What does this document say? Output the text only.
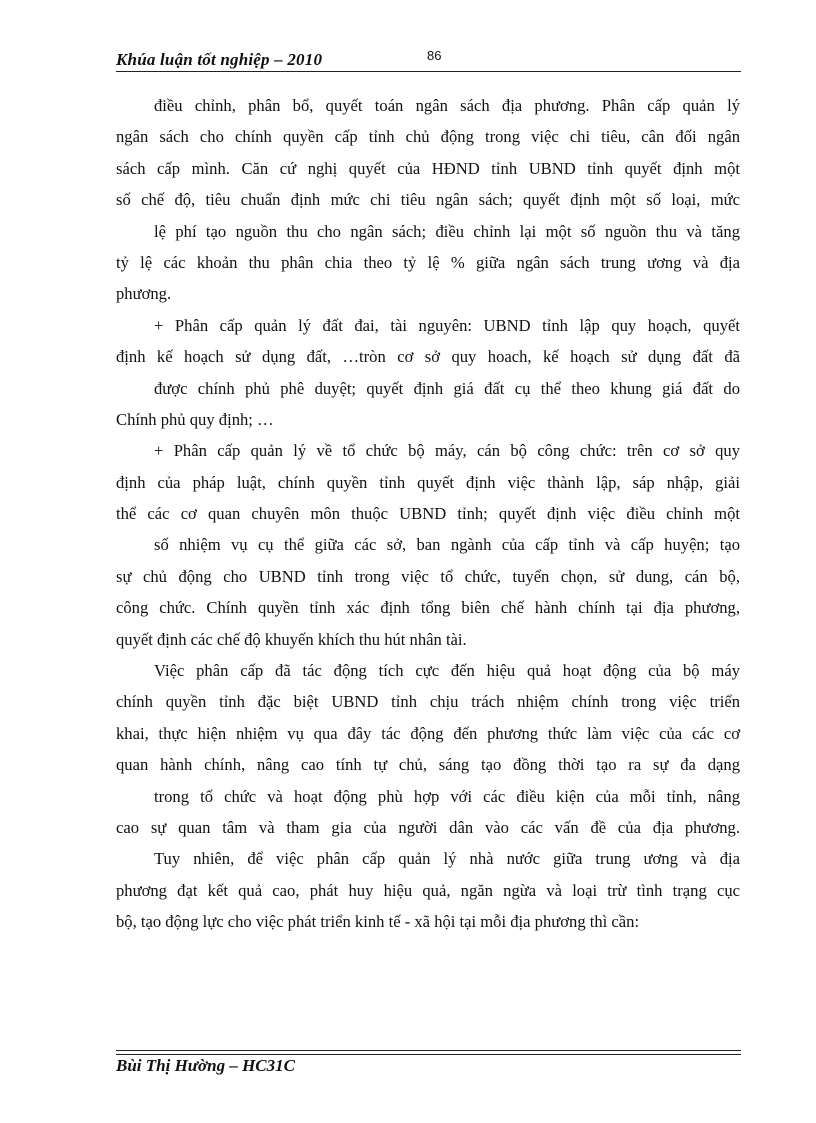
Khúa luận tốt nghiệp – 2010	86
điều chỉnh, phân bổ, quyết toán ngân sách địa phương. Phân cấp quản lý
ngân sách cho chính quyền cấp tỉnh chủ động trong việc chi tiêu, cân đối ngân
sách cấp mình. Căn cứ nghị quyết của HĐND tỉnh UBND tỉnh quyết định một
số chế độ, tiêu chuẩn định mức chi tiêu ngân sách; quyết định một số loại, mức
lệ phí tạo nguồn thu cho ngân sách; điều chỉnh lại một số nguồn thu và tăng
tỷ lệ các khoản thu phân chia theo tỷ lệ % giữa ngân sách trung ương và địa
phương.
+ Phân cấp quản lý đất đai, tài nguyên: UBND tỉnh lập quy hoạch, quyết
định kế hoạch sử dụng đất, …tròn cơ sở quy hoach, kế hoạch sử dụng đất đã
được chính phủ phê duyệt; quyết định giá đất cụ thể theo khung giá đất do
Chính phủ quy định; …
+ Phân cấp quản lý về tổ chức bộ máy, cán bộ công chức: trên cơ sở quy
định của pháp luật, chính quyền tỉnh quyết định việc thành lập, sáp nhập, giải
thể các cơ quan chuyên môn thuộc UBND tỉnh; quyết định việc điều chỉnh một
số nhiệm vụ cụ thể giữa các sở, ban ngành của cấp tỉnh và cấp huyện; tạo
sự chủ động cho UBND tỉnh trong việc tổ chức, tuyển chọn, sử dung, cán bộ,
công chức. Chính quyền tỉnh xác định tổng biên chế hành chính tại địa phương,
quyết định các chế độ khuyến khích thu hút nhân tài.
Việc phân cấp đã tác động tích cực đến hiệu quả hoạt động của bộ máy
chính quyền tỉnh đặc biệt UBND tỉnh chịu trách nhiệm chính trong việc triển
khai, thực hiện nhiệm vụ qua đây tác động đến phương thức làm việc của các cơ
quan hành chính, nâng cao tính tự chủ, sáng tạo đồng thời tạo ra sự đa dạng
trong tổ chức và hoạt động phù hợp với các điều kiện của mỗi tỉnh, nâng
cao sự quan tâm và tham gia của người dân vào các vấn đề của địa phương.
Tuy nhiên, để việc phân cấp quản lý nhà nước giữa trung ương và địa
phương đạt kết quả cao, phát huy hiệu quả, ngăn ngừa và loại trừ tình trạng cục
bộ, tạo động lực cho việc phát triển kinh tế - xã hội tại mỗi địa phương thì cần:
Bùi Thị Hường – HC31C
